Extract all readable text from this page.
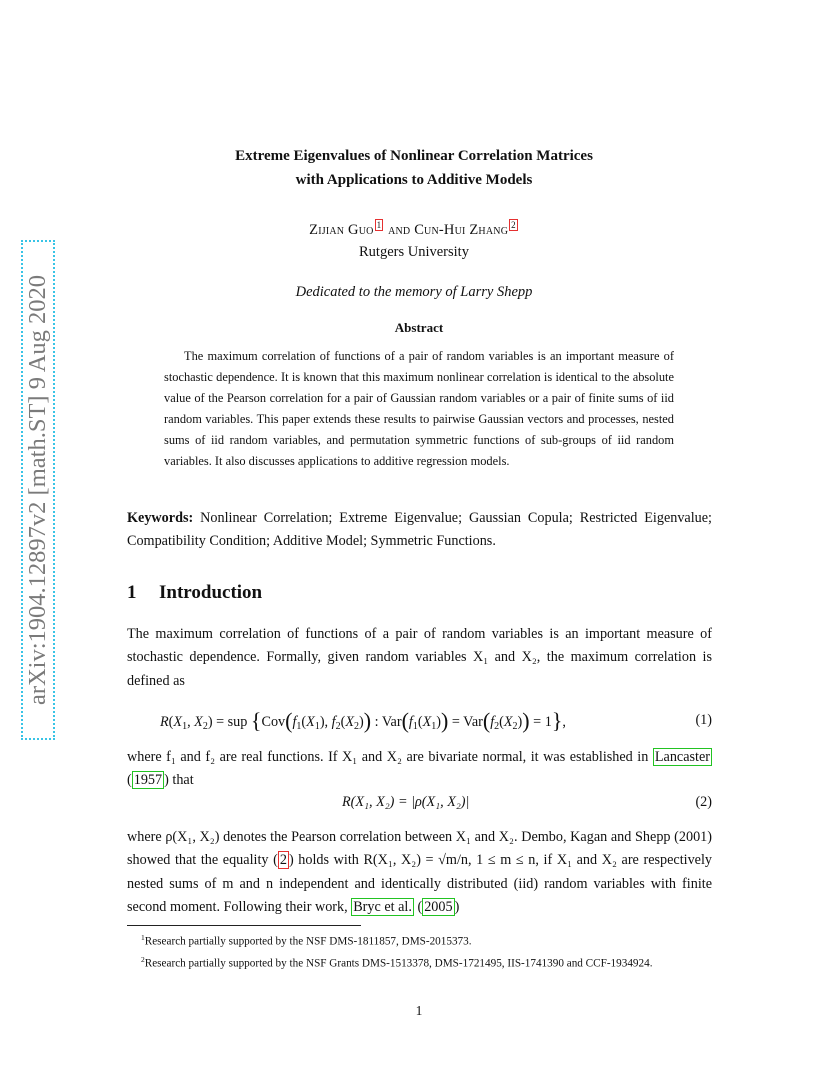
arXiv:1904.12897v2 [math.ST] 9 Aug 2020
Extreme Eigenvalues of Nonlinear Correlation Matrices
with Applications to Additive Models
Zijian Guo 1 and Cun-Hui Zhang 2
Rutgers University
Dedicated to the memory of Larry Shepp
Abstract

The maximum correlation of functions of a pair of random variables is an important measure of stochastic dependence. It is known that this maximum nonlinear correlation is identical to the absolute value of the Pearson correlation for a pair of Gaussian random variables or a pair of finite sums of iid random variables. This paper extends these results to pairwise Gaussian vectors and processes, nested sums of iid random variables, and permutation symmetric functions of sub-groups of iid random variables. It also discusses applications to additive regression models.

Keywords: Nonlinear Correlation; Extreme Eigenvalue; Gaussian Copula; Restricted Eigenvalue; Compatibility Condition; Additive Model; Symmetric Functions.

1 Introduction

The maximum correlation of functions of a pair of random variables is an important measure of stochastic dependence. Formally, given random variables X₁ and X₂, the maximum correlation is defined as

$R(X_1$, $X_2$) = sup {$Cov(f_1(X_1)$, $f_2(X_2)$) : $Var(f_1(X_1)) = Var(f_2(X_2)) = 1$},	(1)

where f₁ and f₂ are real functions. If X₁ and X₂ are bivariate normal, it was established in Lancaster ( 1957 ) that

R(X₁, X₂) = |ρ(X₁, X₂)|	(2)

where ρ(X₁, X₂) denotes the Pearson correlation between X₁ and X₂. Dembo, Kagan and Shepp (2001) showed that the equality ( 2 ) holds with R(X₁, X₂) = √m/n, 1 ≤ m ≤ n, if X₁ and X₂ are respectively nested sums of m and n independent and identically distributed (iid) random variables with finite second moment. Following their work, Bryc et al. ( 2005 )

$^1$Research partially supported by the NSF DMS-1811857, DMS-2015373.

$^2$Research partially supported by the NSF Grants DMS-1513378, DMS-1721495, IIS-1741390 and CCF-1934924.

1
